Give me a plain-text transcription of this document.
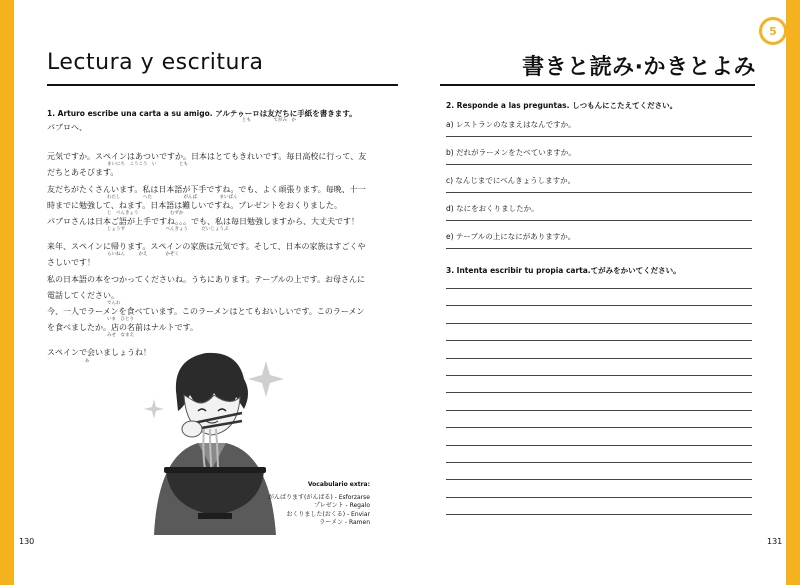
5
Lectura y escritura
1. Arturo escribe una carta a su amigo. アルテゥーロは友だちに手紙を書きます。
とも　　　　　てがみ　か

パブロへ、

元気ですか。スペインはあついですか。日本はとてもきれいです。毎日高校に行って、友

まいにち　こうこう　い　　　　　とも

だちとあそびます。

友だちがたくさんいます。私は日本語が下手ですね。でも、よく頑張ります。毎晩、十一

わたし　　　　　へた　　　　　　　がんば　　　　　まいばん

時までに勉強して、ねます。日本語は難しいですね。プレゼントをおくりました。

じ　べんきょう　　　　　　　むずか

パブロさんは日本ご語が上手ですね。。。でも、私は毎日勉強しますから、大丈夫です！

じょうず　　　　　　　　　べんきょう　　　だいじょうぶ

来年、スペインに帰ります。スペインの家族は元気です。そして、日本の家族はすごくや

らいねん　　　かえ　　　　かぞく

さしいです！

私の日本語の本をつかってくださいね。うちにあります。テーブルの上です。お母さんに

電話してください。

でんわ

今、一人でラーメンを食べています。このラーメンはとてもおいしいです。このラーメン

いま　ひとり

を食べましたか。店の名前はナルトです。

みせ　なまえ

スペインで会いましょうね！

あ
Vocabulario extra:
がんばります(がんばる) - Esforzarse
プレゼント - Regalo
おくりました(おくる) - Enviar
ラーメン - Ramen
130
書きと読み·かきとよみ
2. Responde a las preguntas. しつもんにこたえてください。
a) レストランのなまえはなんですか。
b) だれがラーメンをたべていますか。
c) なんじまでにべんきょうしますか。
d) なにをおくりましたか。
e) テーブルの上になにがありますか。
3. Intenta escribir tu propia carta.てがみをかいてください。
131
